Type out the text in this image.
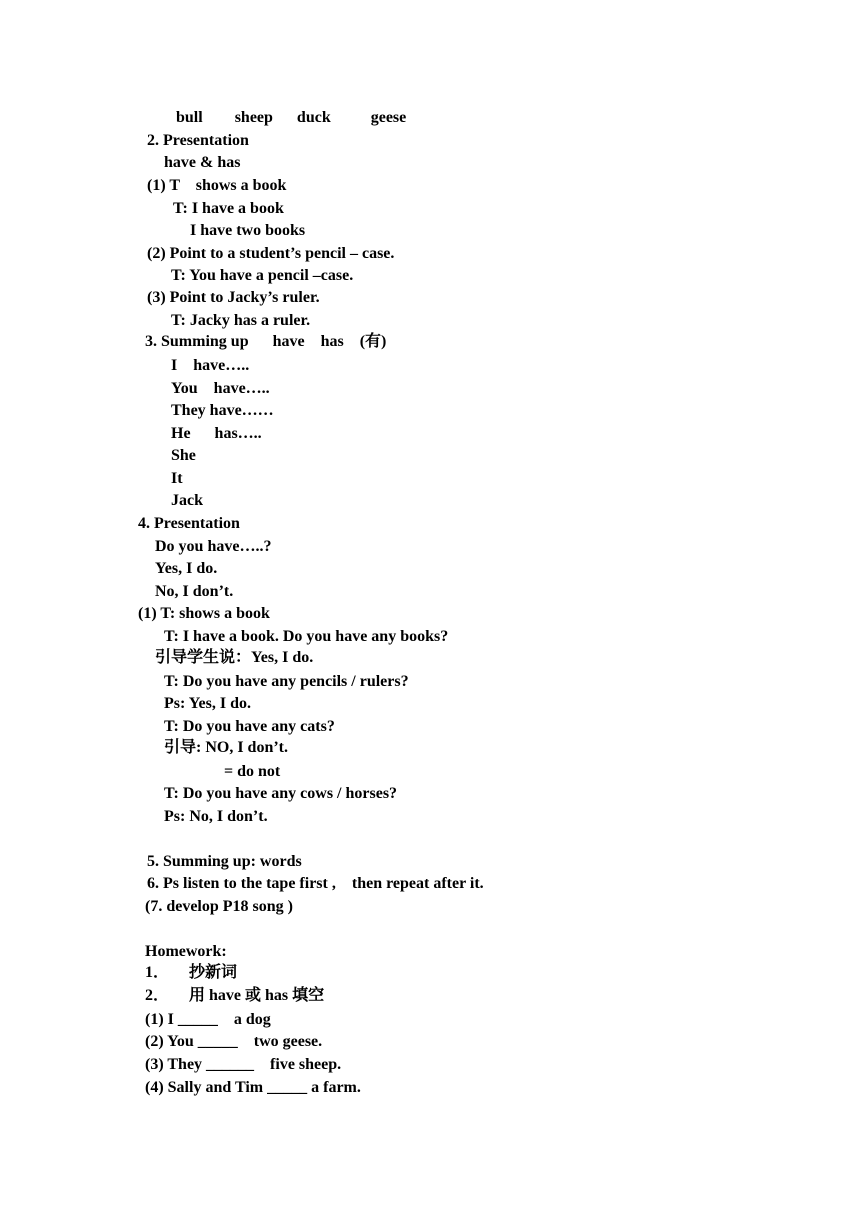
bull        sheep      duck          geese
2. Presentation
have & has
(1) T    shows a book
T: I have a book
I have two books
(2) Point to a student’s pencil – case.
T: You have a pencil –case.
(3) Point to Jacky’s ruler.
T: Jacky has a ruler.
3. Summing up      have    has    (有)
I    have…..
You    have…..
They have……
He      has…..
She
It
Jack
4. Presentation
Do you have…..?
Yes, I do.
No, I don’t.
(1) T: shows a book
T: I have a book. Do you have any books?
引导学生说：Yes, I do.
T: Do you have any pencils / rulers?
Ps: Yes, I do.
T: Do you have any cats?
引导: NO, I don’t.
= do not
T: Do you have any cows / horses?
Ps: No, I don’t.
5. Summing up: words
6. Ps listen to the tape first ,    then repeat after it.
(7. develop P18 song )
Homework:
1．     抄新词
2．     用 have 或 has 填空
(1) I _____    a dog
(2) You _____    two geese.
(3) They ______    five sheep.
(4) Sally and Tim _____ a farm.
